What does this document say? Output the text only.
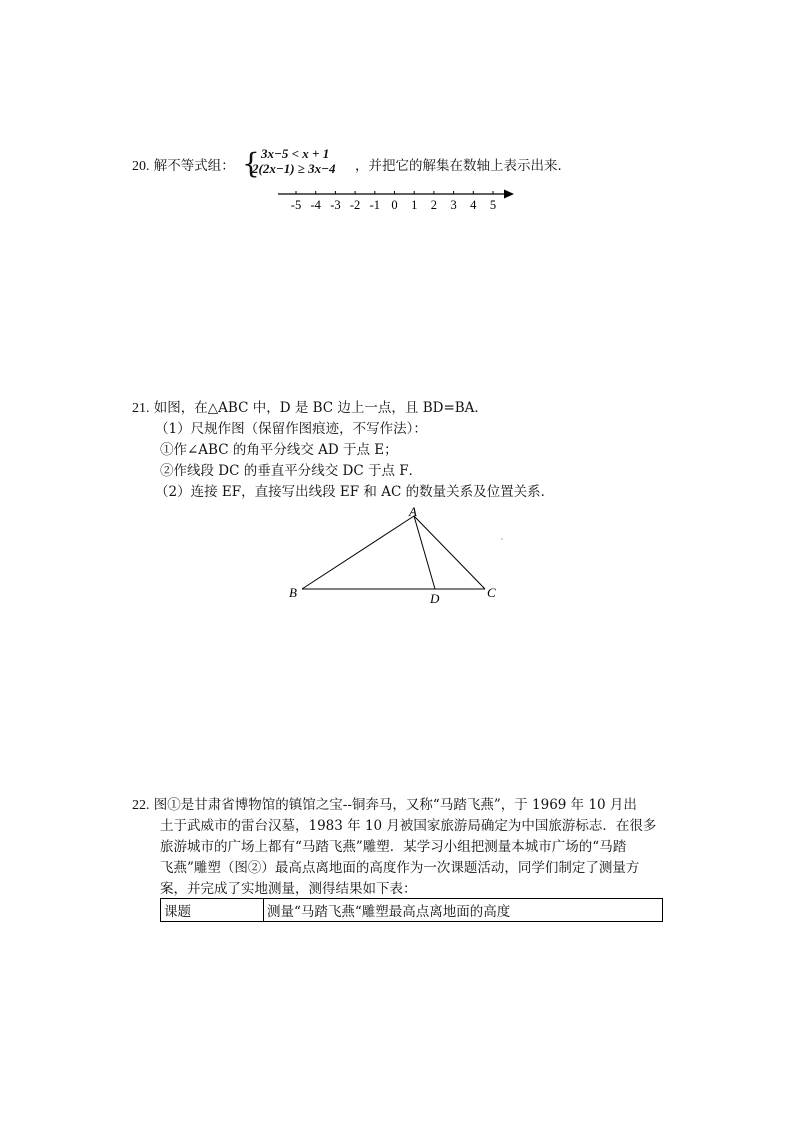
20. 解不等式组： { 3x−5 < x + 1
2(2x−1) ≥ 3x−4 ，并把它的解集在数轴上表示出来．
-5 -4 -3 -2 -1 0 1 2 3 4 5
21. 如图，在△ABC 中，D 是 BC 边上一点，且 BD=BA．
（1）尺规作图（保留作图痕迹，不写作法）：
①作∠ABC 的角平分线交 AD 于点 E；
②作线段 DC 的垂直平分线交 DC 于点 F．
（2）连接 EF，直接写出线段 EF 和 AC 的数量关系及位置关系．
A
B	D	C
22. 图①是甘肃省博物馆的镇馆之宝--铜奔马，又称“马踏飞燕”，于 1969 年 10 月出
土于武威市的雷台汉墓，1983 年 10 月被国家旅游局确定为中国旅游标志．在很多
旅游城市的广场上都有“马踏飞燕”雕塑．某学习小组把测量本城市广场的“马踏
飞燕”雕塑（图②）最高点离地面的高度作为一次课题活动，同学们制定了测量方
案，并完成了实地测量，测得结果如下表：
课题	测量“马踏飞燕“雕塑最高点离地面的高度
